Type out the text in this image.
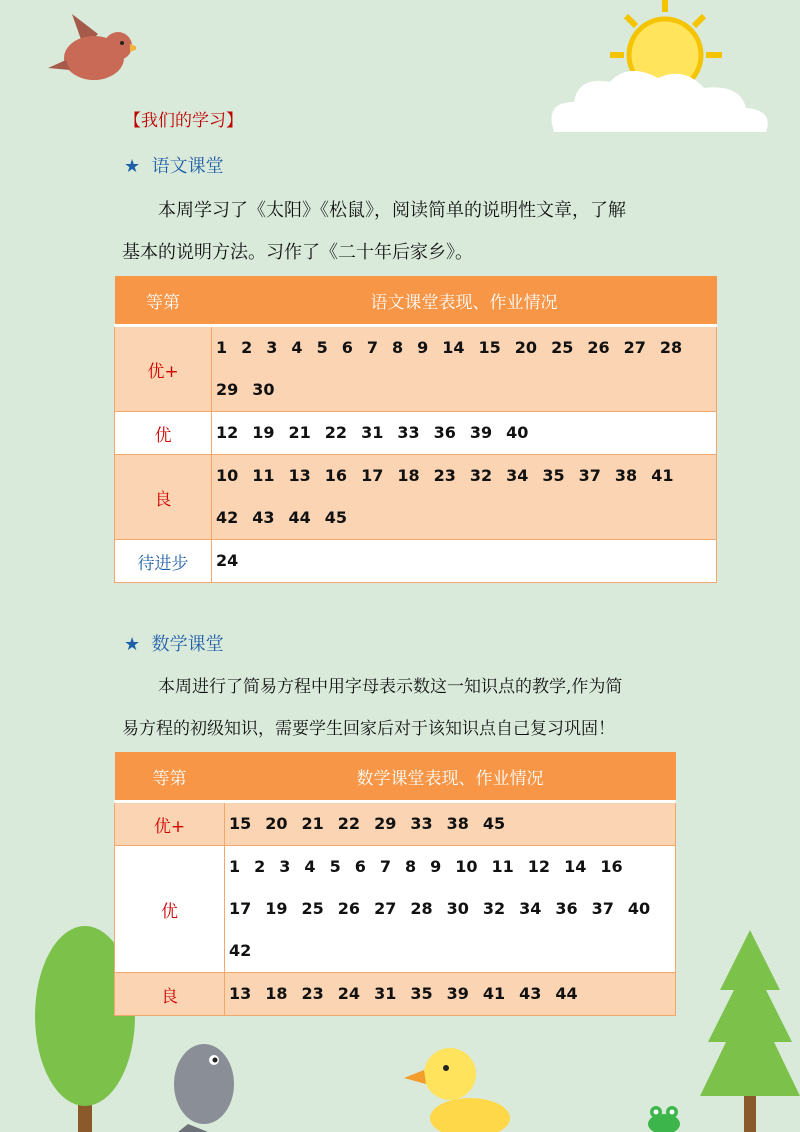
【我们的学习】
★ 语文课堂
本周学习了《太阳》《松鼠》，阅读简单的说明性文章，了解
基本的说明方法。习作了《二十年后家乡》。
等第	语文课堂表现、作业情况
优+	1 2 3 4 5 6 7 8 9 14 15 20 25 26 27 2829 30
优	12 19 21 22 31 33 36 39 40
良	10 11 13 16 17 18 23 32 34 35 37 38 4142 43 44 45
待进步	24
★ 数学课堂
本周进行了简易方程中用字母表示数这一知识点的教学,作为简
易方程的初级知识，需要学生回家后对于该知识点自己复习巩固！
等第	数学课堂表现、作业情况
优+	15 20 21 22 29 33 38 45
优	1 2 3 4 5 6 7 8 9 10 11 12 14 1617 19 25 26 27 28 30 32 34 36 37 4042
良	13 18 23 24 31 35 39 41 43 44
